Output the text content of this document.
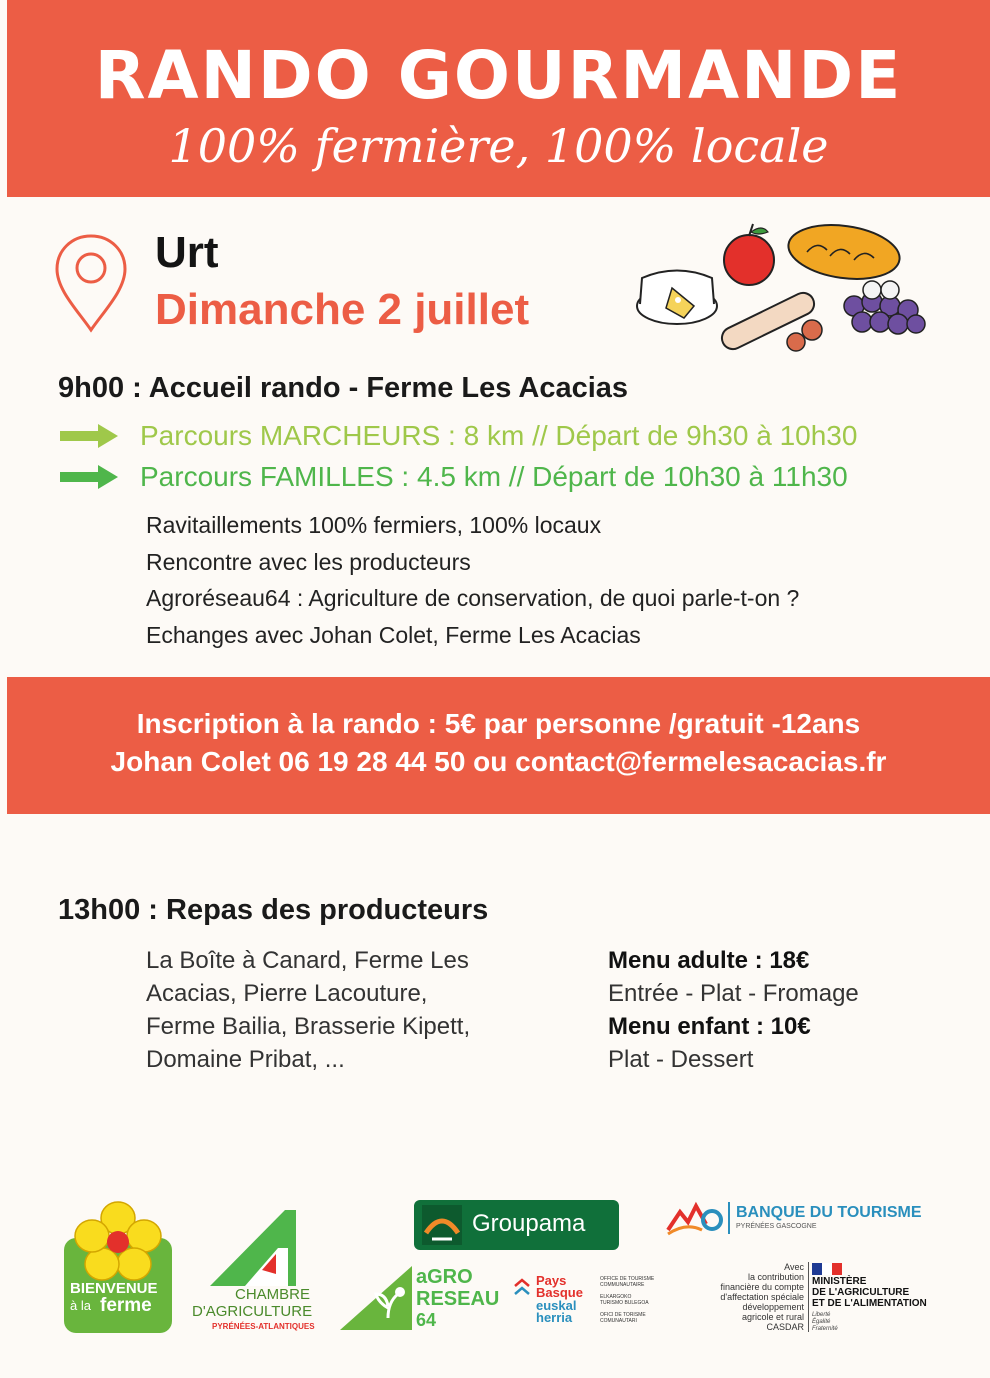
RANDO GOURMANDE
100% fermière, 100% locale
Urt
Dimanche 2 juillet
9h00 : Accueil rando - Ferme Les Acacias
Parcours MARCHEURS : 8 km // Départ de 9h30 à 10h30
Parcours FAMILLES : 4.5 km // Départ de 10h30 à 11h30
Ravitaillements 100% fermiers, 100% locaux
Rencontre avec les producteurs
Agroréseau64 : Agriculture de conservation, de quoi parle-t-on ?
Echanges avec Johan Colet, Ferme Les Acacias
Inscription à la rando : 5€ par personne /gratuit -12ans
Johan Colet 06 19 28 44 50 ou contact@fermelesacacias.fr
13h00 : Repas des producteurs
La Boîte à Canard, Ferme Les
Acacias, Pierre Lacouture,
Ferme Bailia, Brasserie Kipett,
Domaine Pribat, ...
Menu adulte : 18€
Entrée - Plat - Fromage
Menu enfant : 10€
Plat - Dessert
BIENVENUE
à la ferme
CHAMBRE
D'AGRICULTURE
PYRÉNÉES-ATLANTIQUES
Groupama
aGRO
RESEAU
64
Pays
Basque
euskal
herria
OFFICE DE TOURISME
COMMUNAUTAIRE
ELKARGOKO
TURISMO BULEGOA
OFICI DE TORISME
COMUNAUTARI
BANQUE DU TOURISME
PYRÉNÉES GASCOGNE
Avec
la contribution
financière du compte
d'affectation spéciale
développement
agricole et rural
CASDAR
MINISTÈRE
DE L'AGRICULTURE
ET DE L'ALIMENTATION
Liberté
Égalité
Fraternité
